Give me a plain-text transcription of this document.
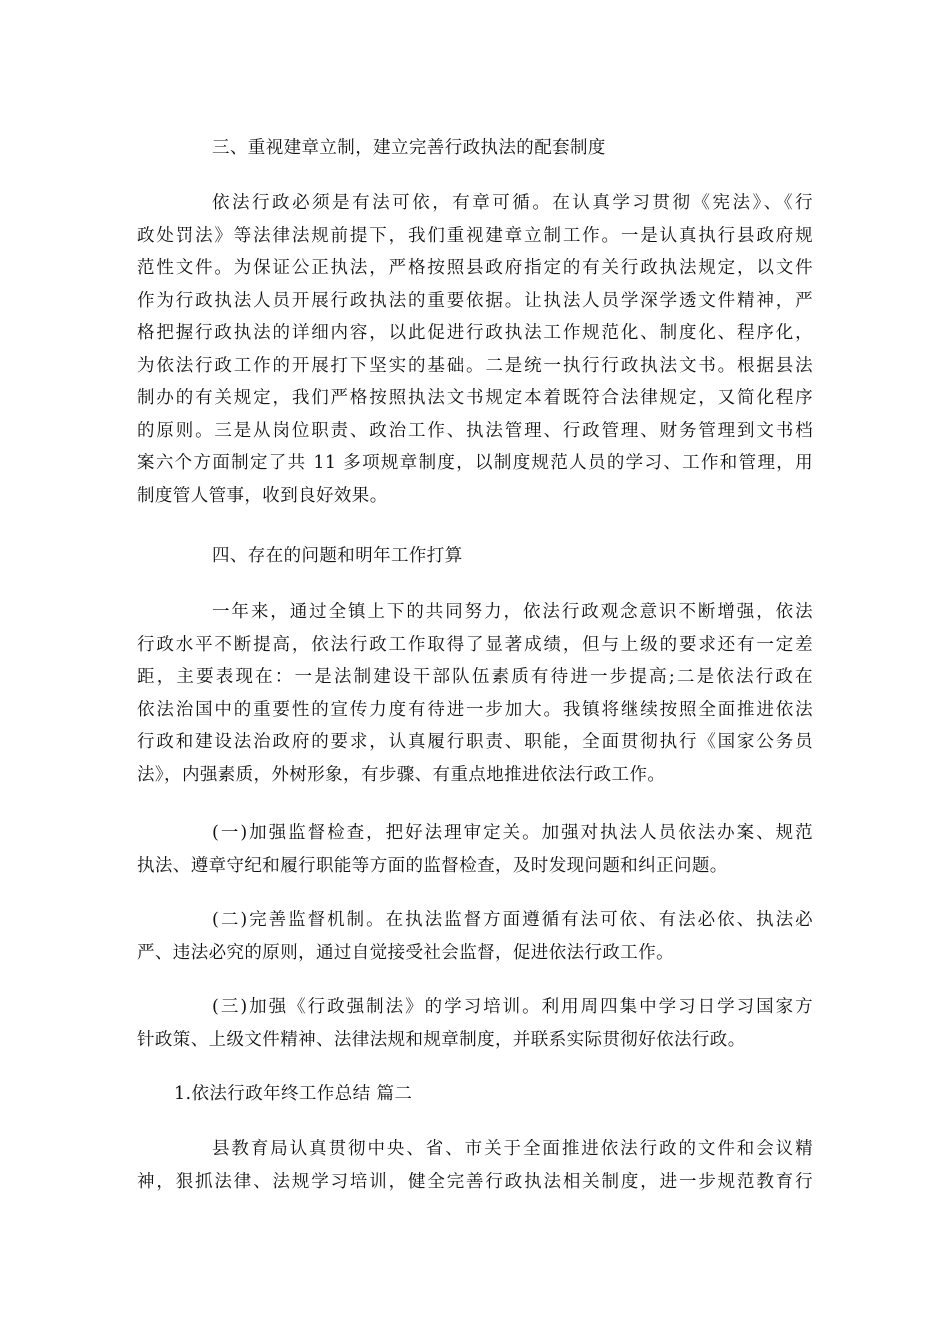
三、重视建章立制，建立完善行政执法的配套制度

依法行政必须是有法可依，有章可循。在认真学习贯彻《宪法》、《行
政处罚法》等法律法规前提下，我们重视建章立制工作。一是认真执行县政府规
范性文件。为保证公正执法，严格按照县政府指定的有关行政执法规定，以文件
作为行政执法人员开展行政执法的重要依据。让执法人员学深学透文件精神，严
格把握行政执法的详细内容，以此促进行政执法工作规范化、制度化、程序化，
为依法行政工作的开展打下坚实的基础。二是统一执行行政执法文书。根据县法
制办的有关规定，我们严格按照执法文书规定本着既符合法律规定，又简化程序
的原则。三是从岗位职责、政治工作、执法管理、行政管理、财务管理到文书档
案六个方面制定了共 11 多项规章制度，以制度规范人员的学习、工作和管理，用
制度管人管事，收到良好效果。

四、存在的问题和明年工作打算

一年来，通过全镇上下的共同努力，依法行政观念意识不断增强，依法
行政水平不断提高，依法行政工作取得了显著成绩，但与上级的要求还有一定差
距，主要表现在：一是法制建设干部队伍素质有待进一步提高;二是依法行政在
依法治国中的重要性的宣传力度有待进一步加大。我镇将继续按照全面推进依法
行政和建设法治政府的要求，认真履行职责、职能，全面贯彻执行《国家公务员
法》，内强素质，外树形象，有步骤、有重点地推进依法行政工作。
(一)加强监督检查，把好法理审定关。加强对执法人员依法办案、规范
执法、遵章守纪和履行职能等方面的监督检查，及时发现问题和纠正问题。
(二)完善监督机制。在执法监督方面遵循有法可依、有法必依、执法必
严、违法必究的原则，通过自觉接受社会监督，促进依法行政工作。
(三)加强《行政强制法》的学习培训。利用周四集中学习日学习国家方
针政策、上级文件精神、法律法规和规章制度，并联系实际贯彻好依法行政。

1.依法行政年终工作总结 篇二

县教育局认真贯彻中央、省、市关于全面推进依法行政的文件和会议精
神，狠抓法律、法规学习培训，健全完善行政执法相关制度，进一步规范教育行
